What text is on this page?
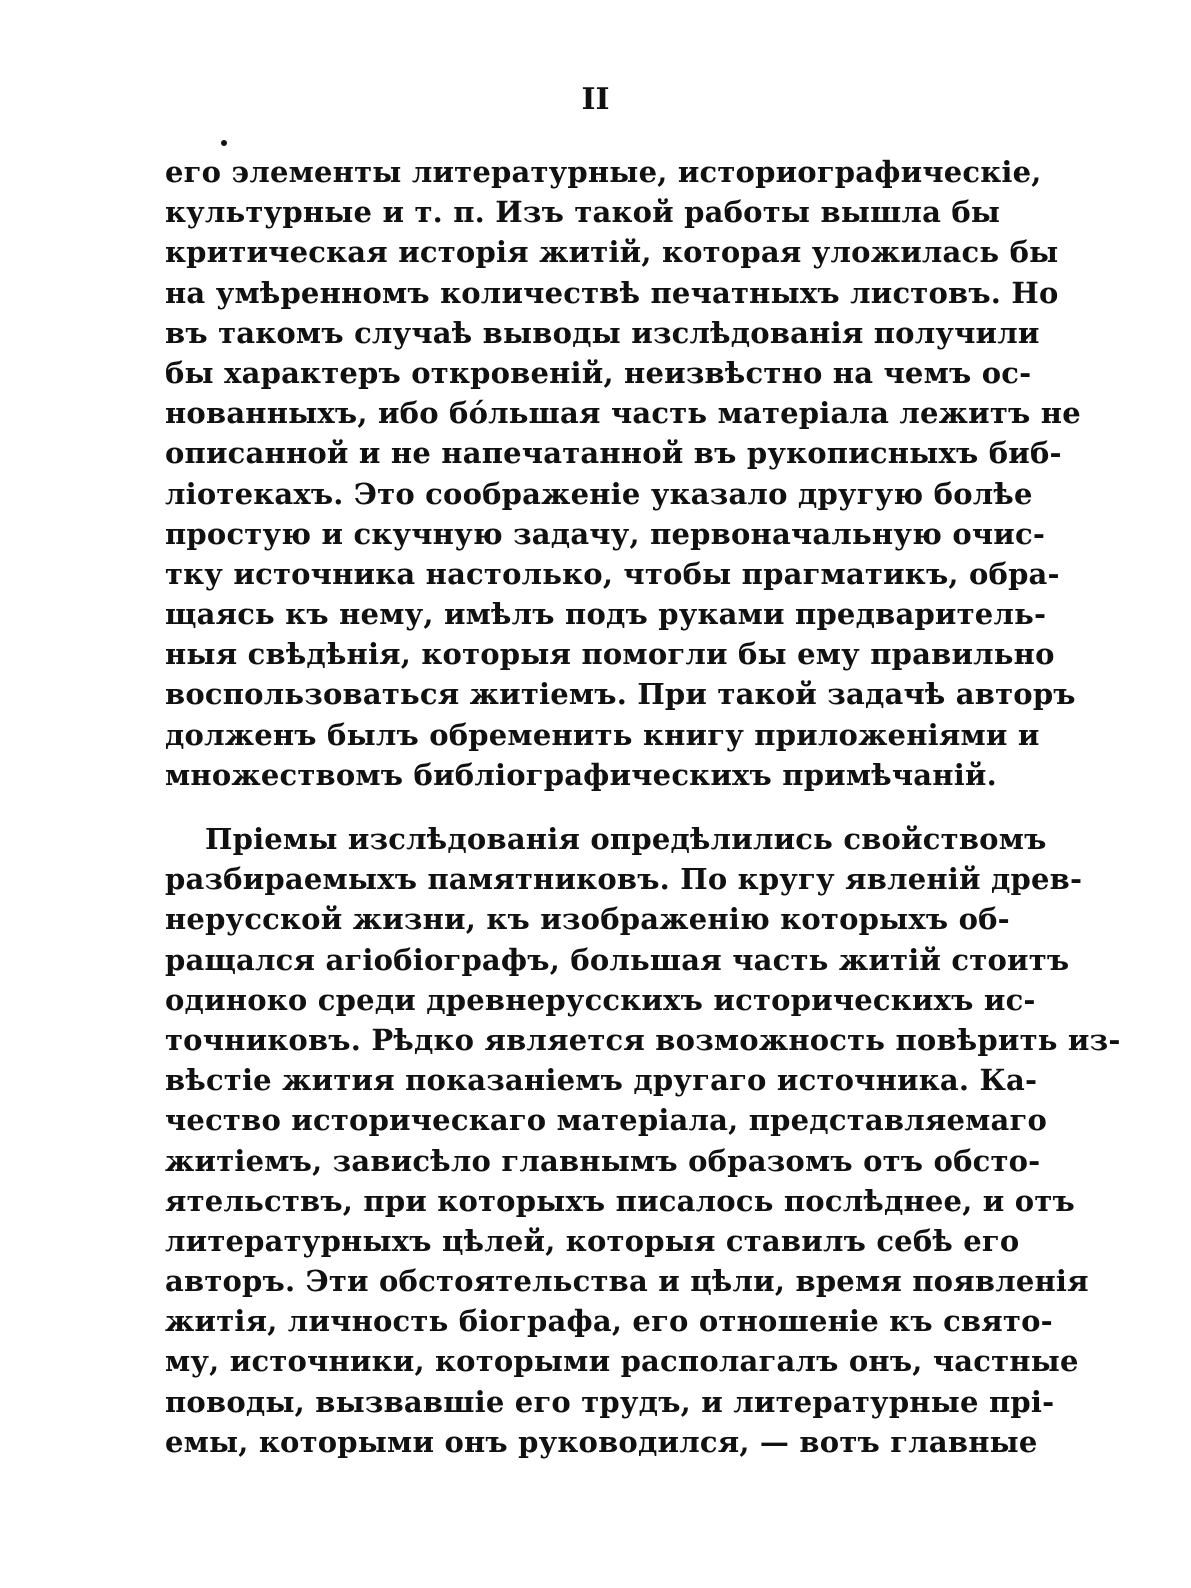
II
его элементы литературные, историографическiе,
культурные и т. п. Изъ такой работы вышла бы
критическая исторiя житiй, которая уложилась бы
на умѣренномъ количествѣ печатныхъ листовъ. Но
въ такомъ случаѣ выводы изслѣдованiя получили
бы характеръ откровенiй, неизвѣстно на чемъ ос-
нованныхъ, ибо бо́льшая часть матерiала лежитъ не
описанной и не напечатанной въ рукописныхъ биб-
лiотекахъ. Это соображенiе указало другую болѣе
простую и скучную задачу, первоначальную очис-
тку источника настолько, чтобы прагматикъ, обра-
щаясь къ нему, имѣлъ подъ руками предваритель-
ныя свѣдѣнiя, которыя помогли бы ему правильно
воспользоваться житiемъ. При такой задачѣ авторъ
долженъ былъ обременить книгу приложенiями и
множествомъ библiографическихъ примѣчанiй.
Прiемы изслѣдованiя опредѣлились свойствомъ
разбираемыхъ памятниковъ. По кругу явленiй древ-
нерусской жизни, къ изображенiю которыхъ об-
ращался агiобiографъ, большая часть житiй стоитъ
одиноко среди древнерусскихъ историческихъ ис-
точниковъ. Рѣдко является возможность повѣрить из-
вѣстiе жития показанiемъ другаго источника. Ка-
чество историческаго матерiала, представляемаго
житiемъ, зависѣло главнымъ образомъ отъ обсто-
ятельствъ, при которыхъ писалось послѣднее, и отъ
литературныхъ цѣлей, которыя ставилъ себѣ его
авторъ. Эти обстоятельства и цѣли, время появленiя
житiя, личность бiографа, его отношенiе къ свято-
му, источники, которыми располагалъ онъ, частные
поводы, вызвавшiе его трудъ, и литературные прi-
емы, которыми онъ руководился, — вотъ главные
